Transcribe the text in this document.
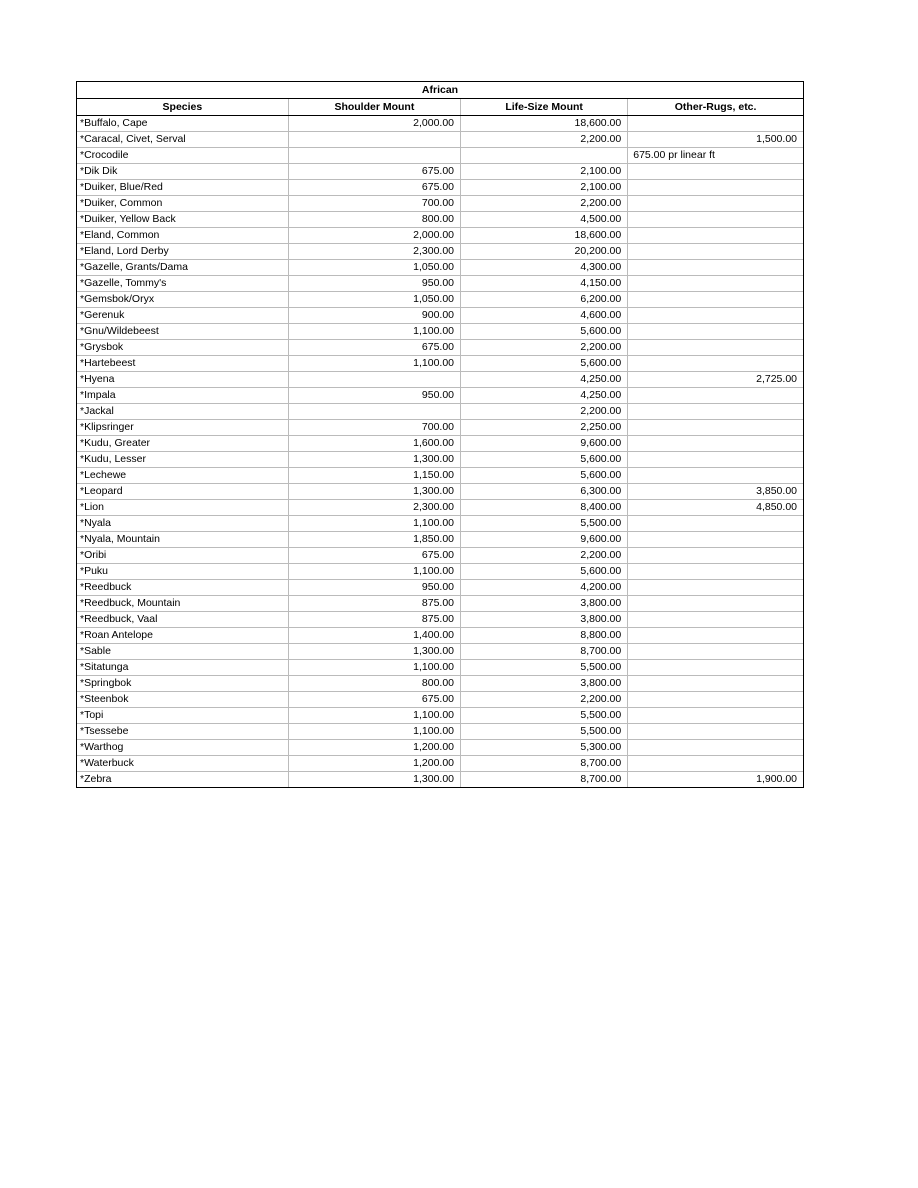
African			
Species	Shoulder Mount	Life-Size Mount	Other-Rugs, etc.
*Buffalo, Cape	2,000.00	18,600.00	
*Caracal, Civet, Serval		2,200.00	1,500.00
*Crocodile			675.00 pr linear ft
*Dik Dik	675.00	2,100.00	
*Duiker, Blue/Red	675.00	2,100.00	
*Duiker, Common	700.00	2,200.00	
*Duiker, Yellow Back	800.00	4,500.00	
*Eland, Common	2,000.00	18,600.00	
*Eland, Lord Derby	2,300.00	20,200.00	
*Gazelle, Grants/Dama	1,050.00	4,300.00	
*Gazelle, Tommy's	950.00	4,150.00	
*Gemsbok/Oryx	1,050.00	6,200.00	
*Gerenuk	900.00	4,600.00	
*Gnu/Wildebeest	1,100.00	5,600.00	
*Grysbok	675.00	2,200.00	
*Hartebeest	1,100.00	5,600.00	
*Hyena		4,250.00	2,725.00
*Impala	950.00	4,250.00	
*Jackal		2,200.00	
*Klipsringer	700.00	2,250.00	
*Kudu, Greater	1,600.00	9,600.00	
*Kudu, Lesser	1,300.00	5,600.00	
*Lechewe	1,150.00	5,600.00	
*Leopard	1,300.00	6,300.00	3,850.00
*Lion	2,300.00	8,400.00	4,850.00
*Nyala	1,100.00	5,500.00	
*Nyala, Mountain	1,850.00	9,600.00	
*Oribi	675.00	2,200.00	
*Puku	1,100.00	5,600.00	
*Reedbuck	950.00	4,200.00	
*Reedbuck, Mountain	875.00	3,800.00	
*Reedbuck, Vaal	875.00	3,800.00	
*Roan Antelope	1,400.00	8,800.00	
*Sable	1,300.00	8,700.00	
*Sitatunga	1,100.00	5,500.00	
*Springbok	800.00	3,800.00	
*Steenbok	675.00	2,200.00	
*Topi	1,100.00	5,500.00	
*Tsessebe	1,100.00	5,500.00	
*Warthog	1,200.00	5,300.00	
*Waterbuck	1,200.00	8,700.00	
*Zebra	1,300.00	8,700.00	1,900.00
